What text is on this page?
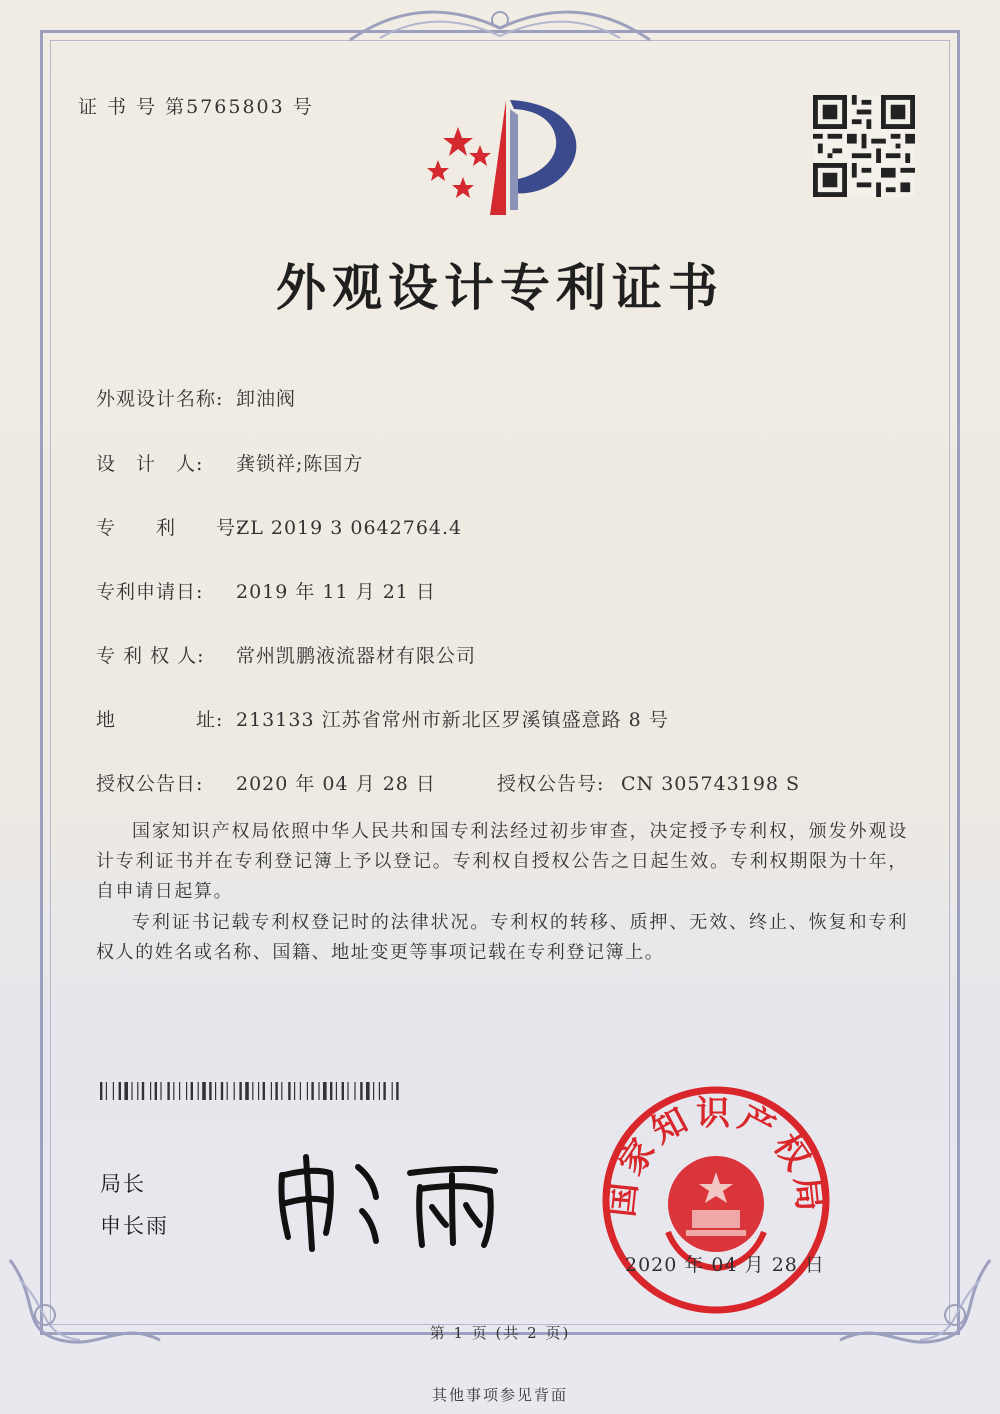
证 书 号 第5765803 号
外观设计专利证书
外观设计名称: 卸油阀
设　计　人: 龚锁祥;陈国方
专　　利　　号:ZL 2019 3 0642764.4
专利申请日: 2019 年 11 月 21 日
专 利 权 人: 常州凯鹏液流器材有限公司
地　　　　址: 213133 江苏省常州市新北区罗溪镇盛意路 8 号
授权公告日: 2020 年 04 月 28 日	授权公告号: CN 305743198 S
国家知识产权局依照中华人民共和国专利法经过初步审查，决定授予专利权，颁发外观设计专利证书并在专利登记簿上予以登记。专利权自授权公告之日起生效。专利权期限为十年，自申请日起算。
专利证书记载专利权登记时的法律状况。专利权的转移、质押、无效、终止、恢复和专利权人的姓名或名称、国籍、地址变更等事项记载在专利登记簿上。
局长
申长雨
国家知识产权局
2020 年 04 月 28 日
第 1 页 (共 2 页)
其他事项参见背面
